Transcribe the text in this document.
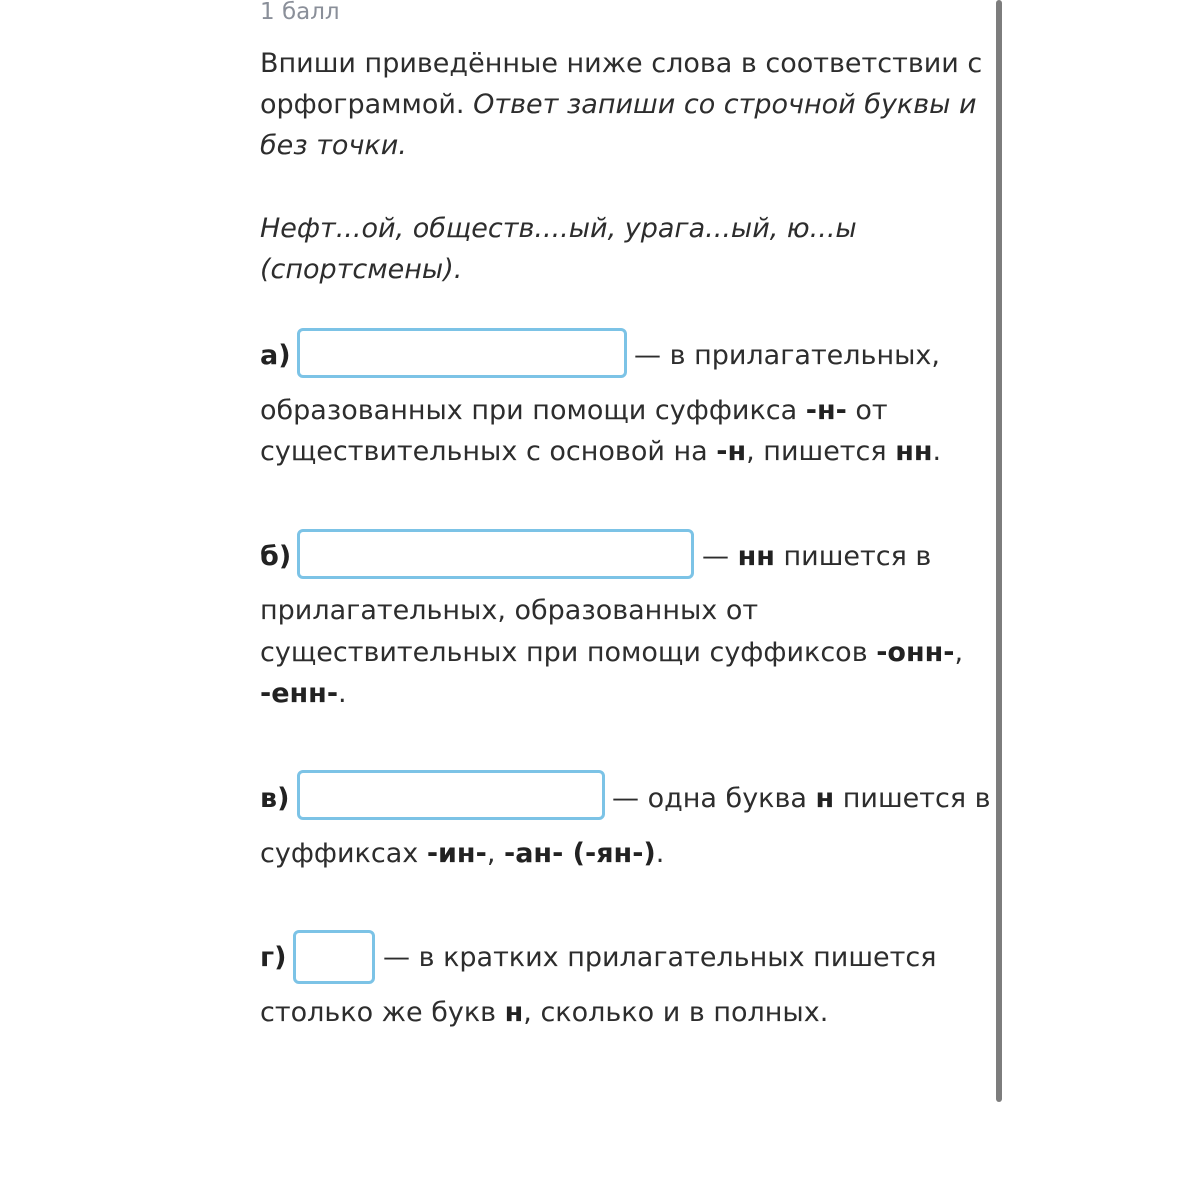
1 балл
Впиши приведённые ниже слова в соответствии с
орфограммой. Ответ запиши со строчной буквы и
без точки.
Нефт...ой, обществ....ый, урага...ый, ю...ы
(спортсмены).
а)	— в прилагательных,
образованных при помощи суффикса -н- от
существительных с основой на -н, пишется нн.
б)	— нн пишется в
прилагательных, образованных от
существительных при помощи суффиксов -онн-,
-енн-.
в)	— одна буква н пишется в
суффиксах -ин-, -ан- (-ян-).
г)	— в кратких прилагательных пишется
столько же букв н, сколько и в полных.
